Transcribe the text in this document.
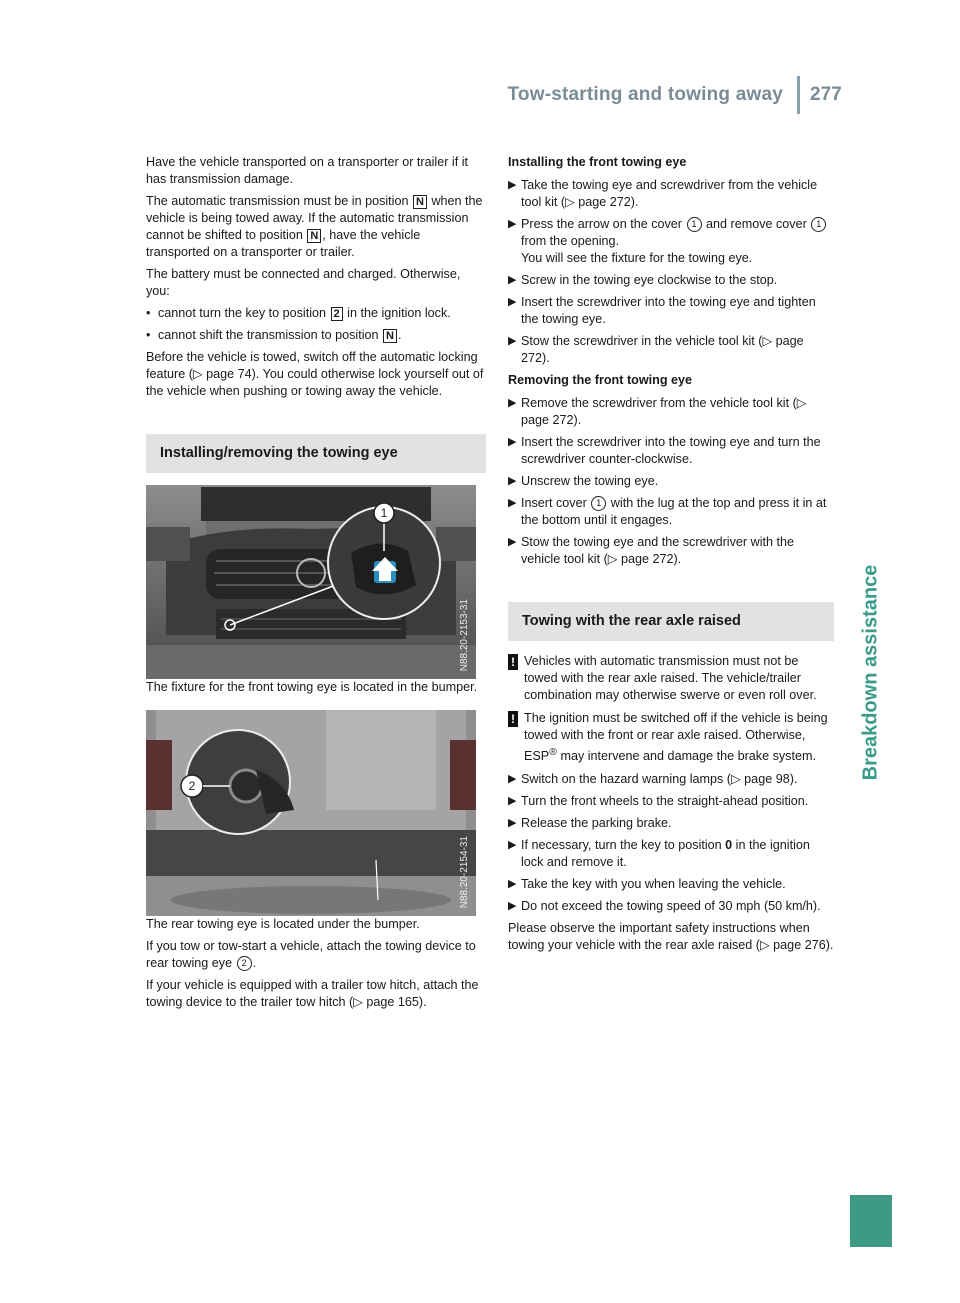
Tow-starting and towing away	277
Breakdown assistance

Have the vehicle transported on a transporter or trailer if it has transmission damage.

The automatic transmission must be in position N when the vehicle is being towed away. If the automatic transmission cannot be shifted to position N , have the vehicle transported on a transporter or trailer.

The battery must be connected and charged. Otherwise, you:

• cannot turn the key to position 2 in the ignition lock.
• cannot shift the transmission to position N .

Before the vehicle is towed, switch off the automatic locking feature (▷ page 74). You could otherwise lock yourself out of the vehicle when pushing or towing away the vehicle.

Installing/removing the towing eye
1
N88.20-2153-31

The fixture for the front towing eye is located in the bumper.

2
N88.20-2154-31

The rear towing eye is located under the bumper.

If you tow or tow-start a vehicle, attach the towing device to rear towing eye 2 .

If your vehicle is equipped with a trailer tow hitch, attach the towing device to the trailer tow hitch (▷ page 165).

Installing the front towing eye
▶ Take the towing eye and screwdriver from the vehicle tool kit (▷ page 272).
▶ Press the arrow on the cover 1 and remove cover 1 from the opening.
You will see the fixture for the towing eye.
▶ Screw in the towing eye clockwise to the stop.
▶ Insert the screwdriver into the towing eye and tighten the towing eye.
▶ Stow the screwdriver in the vehicle tool kit (▷ page 272).
Removing the front towing eye
▶ Remove the screwdriver from the vehicle tool kit (▷ page 272).
▶ Insert the screwdriver into the towing eye and turn the screwdriver counter-clockwise.
▶ Unscrew the towing eye.
▶ Insert cover 1 with the lug at the top and press it in at the bottom until it engages.
▶ Stow the towing eye and the screwdriver with the vehicle tool kit (▷ page 272).
Towing with the rear axle raised
! Vehicles with automatic transmission must not be towed with the rear axle raised. The vehicle/trailer combination may otherwise swerve or even roll over.
! The ignition must be switched off if the vehicle is being towed with the front or rear axle raised. Otherwise, ESP® may intervene and damage the brake system.
▶ Switch on the hazard warning lamps (▷ page 98).
▶ Turn the front wheels to the straight-ahead position.
▶ Release the parking brake.
▶ If necessary, turn the key to position 0 in the ignition lock and remove it.
▶ Take the key with you when leaving the vehicle.
▶ Do not exceed the towing speed of 30 mph (50 km/h).

Please observe the important safety instructions when towing your vehicle with the rear axle raised (▷ page 276).
